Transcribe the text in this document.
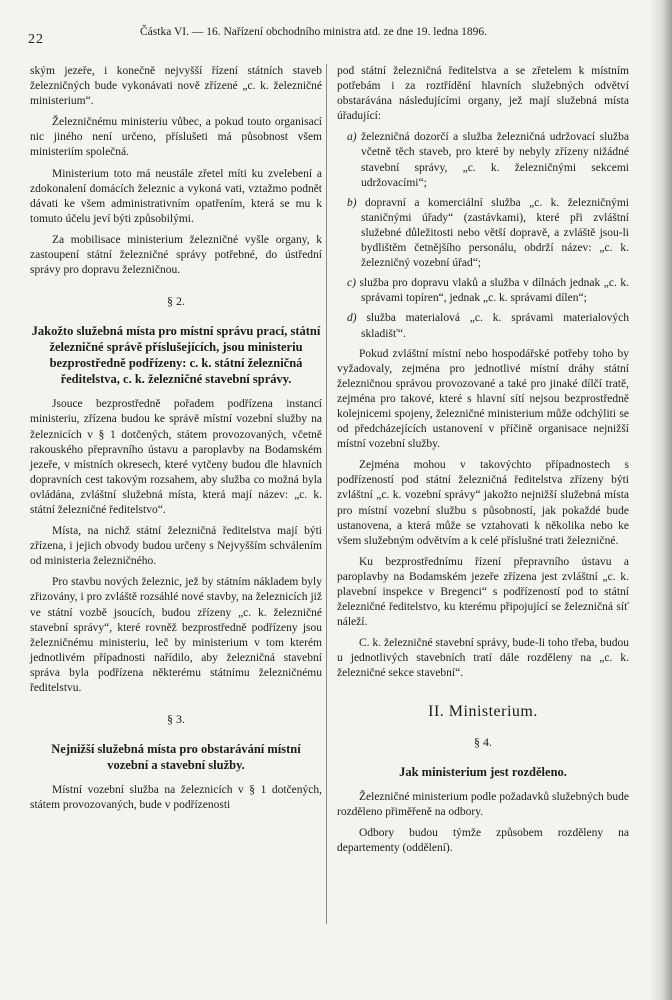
22	Částka VI. — 16. Nařízení obchodního ministra atd. ze dne 19. ledna 1896.

ským jezeře, i konečně nejvyšší řízení státních staveb železničných bude vykonávati nově zřízené „c. k. železničné ministerium“.

Železničnému ministeriu vůbec, a pokud touto organisací nic jiného není určeno, příslušeti má působnost všem ministeriím společná.

Ministerium toto má neustále zřetel míti ku zvelebení a zdokonalení domácích železnic a vykoná vati, vztažmo podnět dávati ke všem administrativním opatřením, která se mu k tomuto účelu jeví býti způsobilými.

Za mobilisace ministerium železničné vyšle organy, k zastoupení státní železničné správy potřebné, do ústřední správy pro dopravu železničnou.

§ 2.
Jakožto služebná místa pro místní správu prací, státní železničné správě příslušejících, jsou ministeriu bezprostředně podřízeny: c. k. státní železničná ředitelstva, c. k. železničné stavební správy.

Jsouce bezprostředně pořadem podřízena instancí ministeriu, zřízena budou ke správě místní vozební služby na železnicích v § 1 dotčených, státem provozovaných, včetně rakouského přepravního ústavu a paroplavby na Bodamském jezeře, v místních okresech, které vytčeny budou dle hlavních dopravních cest takovým rozsahem, aby služba co možná byla ovládána, zvláštní služebná místa, která mají název: „c. k. státní železničné ředitelstvo“.

Místa, na nichž státní železničná ředitelstva mají býti zřízena, i jejich obvody budou určeny s Nejvyšším schválením od ministeria železničného.

Pro stavbu nových železnic, jež by státním nákladem byly zřizovány, i pro zvláště rozsáhlé nové stavby, na železnicích již ve státní vozbě jsoucích, budou zřízeny „c. k. železničné stavební správy“, které rovněž bezprostředně podřízeny jsou železničnému ministeriu, leč by ministerium v tom kterém jednotlivém případnosti nařídilo, aby železničná stavební správa byla podřízena některému státnímu železničnému ředitelstvu.

§ 3.
Nejnižší služebná místa pro obstarávání místní vozební a stavební služby.

Místní vozební služba na železnicích v § 1 dotčených, státem provozovaných, bude v podřízenosti

pod státní železničná ředitelstva a se zřetelem k místním potřebám i za roztřídění hlavních služebných odvětví obstarávána následujícími organy, jež mají služebná místa úřadující:

a) železničná dozorčí a služba železničná udržovací služba včetně těch staveb, pro které by nebyly zřízeny nižádné stavební správy, „c. k. železničnými sekcemi udržovacími“;
b) dopravní a komerciální služba „c. k. železničnými staničnými úřady“ (zastávkami), které při zvláštní služebné důležitosti nebo větší dopravě, a zvláště jsou-li bydlištěm četnějšího personálu, obdrží název: „c. k. železničný vozební úřad“;
c) služba pro dopravu vlaků a služba v dílnách jednak „c. k. správami topíren“, jednak „c. k. správami dílen“;
d) služba materialová „c. k. správami materialových skladišť“.

Pokud zvláštní místní nebo hospodářské potřeby toho by vyžadovaly, zejména pro jednotlivé místní dráhy státní železničnou správou provozované a také pro jinaké dílčí tratě, zejména pro takové, které s hlavní sítí nejsou bezprostředně kolejnicemi spojeny, železničné ministerium může odchýliti se od předcházejících ustanovení v příčině organisace nejnižší místní vozební služby.

Zejména mohou v takovýchto případnostech s podřízeností pod státní železničná ředitelstva zřízeny býti zvláštní „c. k. vozební správy“ jakožto nejnižší služebná místa pro místní vozební službu s působností, jak pokaždé bude ustanovena, a která může se vztahovati k několika nebo ke všem služebným odvětvím a k celé příslušné trati železničné.

Ku bezprostřednímu řízení přepravního ústavu a paroplavby na Bodamském jezeře zřízena jest zvláštní „c. k. plavební inspekce v Bregenci“ s podřízeností pod to státní železničné ředitelstvo, ku kterému připojující se železničná síť náleží.

C. k. železničné stavební správy, bude-li toho třeba, budou u jednotlivých stavebních tratí dále rozděleny na „c. k. železničné sekce stavební“.

II. Ministerium.
§ 4.
Jak ministerium jest rozděleno.

Železničné ministerium podle požadavků služebných bude rozděleno přiměřeně na odbory.

Odbory budou týmže způsobem rozděleny na departementy (oddělení).
